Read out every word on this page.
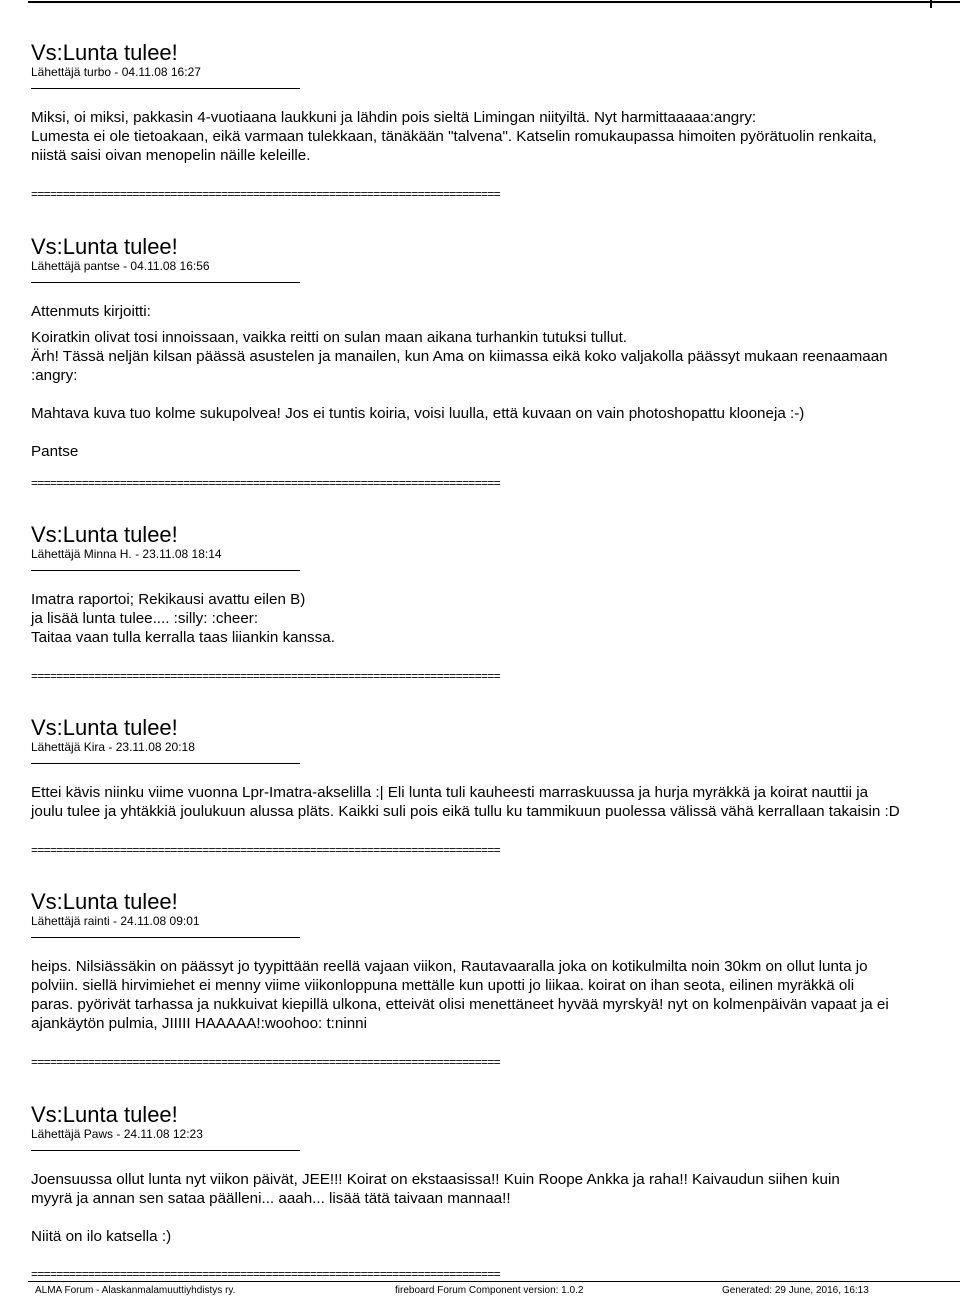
Vs:Lunta tulee!
Lähettäjä turbo - 04.11.08 16:27

Miksi, oi miksi, pakkasin 4-vuotiaana laukkuni ja lähdin pois sieltä Limingan niityiltä. Nyt harmittaaaaa:angry:

Lumesta ei ole tietoakaan, eikä varmaan tulekkaan, tänäkään "talvena". Katselin romukaupassa himoiten pyörätuolin renkaita,

niistä saisi oivan menopelin näille keleille.

==========================================================================
Vs:Lunta tulee!
Lähettäjä pantse - 04.11.08 16:56

Attenmuts kirjoitti:

Koiratkin olivat tosi innoissaan, vaikka reitti on sulan maan aikana turhankin tutuksi tullut.

Ärh! Tässä neljän kilsan päässä asustelen ja manailen, kun Ama on kiimassa eikä koko valjakolla päässyt mukaan reenaamaan

:angry:

Mahtava kuva tuo kolme sukupolvea! Jos ei tuntis koiria, voisi luulla, että kuvaan on vain photoshopattu klooneja :-)

Pantse

==========================================================================
Vs:Lunta tulee!
Lähettäjä Minna H. - 23.11.08 18:14

Imatra raportoi; Rekikausi avattu eilen B)

ja lisää lunta tulee.... :silly: :cheer:

Taitaa vaan tulla kerralla taas liiankin kanssa.

==========================================================================
Vs:Lunta tulee!
Lähettäjä Kira - 23.11.08 20:18

Ettei kävis niinku viime vuonna Lpr-Imatra-akselilla :| Eli lunta tuli kauheesti marraskuussa ja hurja myräkkä ja koirat nauttii ja

joulu tulee ja yhtäkkiä joulukuun alussa pläts. Kaikki suli pois eikä tullu ku tammikuun puolessa välissä vähä kerrallaan takaisin :D

==========================================================================
Vs:Lunta tulee!
Lähettäjä rainti - 24.11.08 09:01

heips. Nilsiässäkin on päässyt jo tyypittään reellä vajaan viikon, Rautavaaralla joka on kotikulmilta noin 30km on ollut lunta jo

polviin. siellä hirvimiehet ei menny viime viikonloppuna mettälle kun upotti jo liikaa. koirat on ihan seota, eilinen myräkkä oli

paras. pyörivät tarhassa ja nukkuivat kiepillä ulkona, etteivät olisi menettäneet hyvää myrskyä! nyt on kolmenpäivän vapaat ja ei

ajankäytön pulmia, JIIIII HAAAAA!:woohoo: t:ninni

==========================================================================
Vs:Lunta tulee!
Lähettäjä Paws - 24.11.08 12:23

Joensuussa ollut lunta nyt viikon päivät, JEE!!! Koirat on ekstaasissa!! Kuin Roope Ankka ja raha!! Kaivaudun siihen kuin

myyrä ja annan sen sataa päälleni... aaah... lisää tätä taivaan mannaa!!

Niitä on ilo katsella :)

==========================================================================
ALMA Forum - Alaskanmalamuuttiyhdistys ry.	fireboard Forum Component version: 1.0.2	Generated: 29 June, 2016, 16:13
